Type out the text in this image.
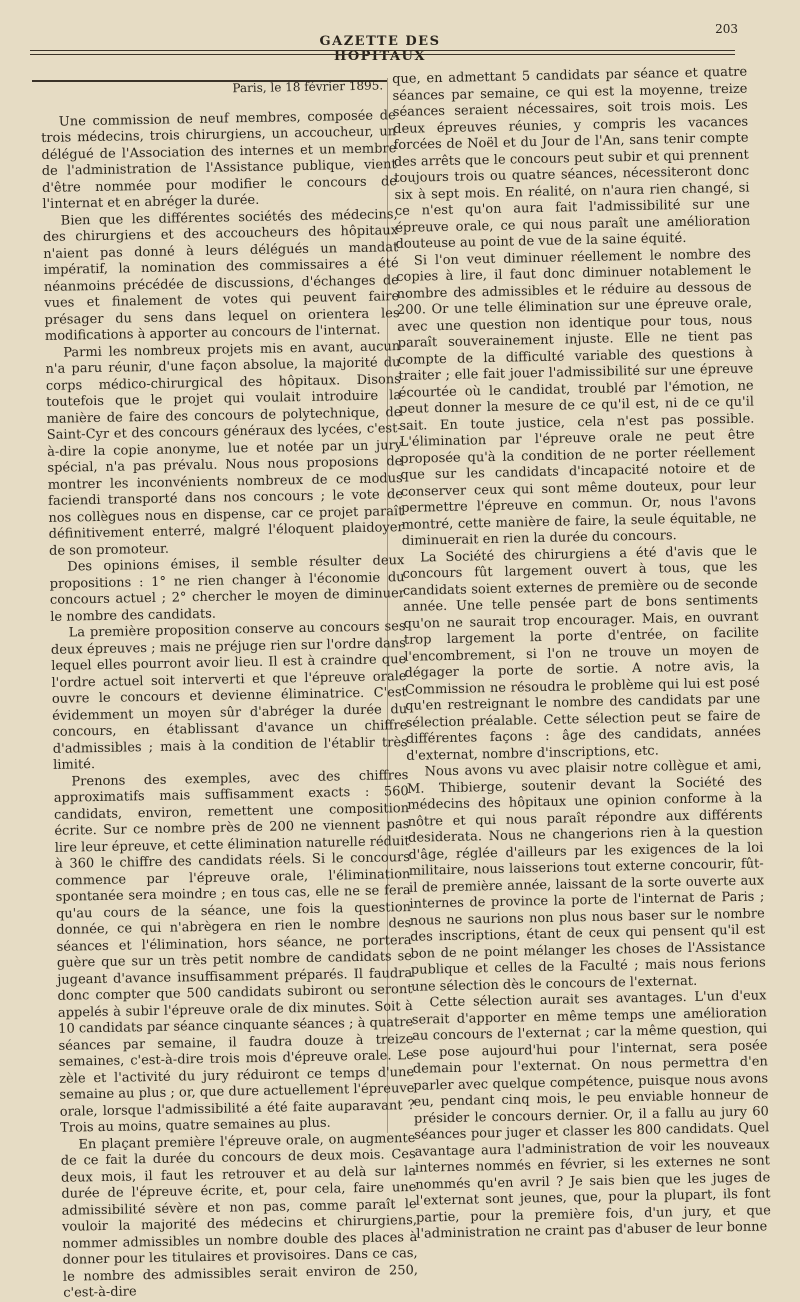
GAZETTE DES HOPITAUX
203
Paris, le 18 février 1895.

Une commission de neuf membres, composée de trois médecins, trois chirurgiens, un accoucheur, un délégué de l'Association des internes et un membre de l'administration de l'Assistance publique, vient d'être nommée pour modifier le concours de l'internat et en abréger la durée.

Bien que les différentes sociétés des médecins, des chirurgiens et des accoucheurs des hôpitaux n'aient pas donné à leurs délégués un mandat impératif, la nomination des commissaires a été néanmoins précédée de discussions, d'échanges de vues et finalement de votes qui peuvent faire présager du sens dans lequel on orientera les modifications à apporter au concours de l'internat.

Parmi les nombreux projets mis en avant, aucun n'a paru réunir, d'une façon absolue, la majorité du corps médico-chirurgical des hôpitaux. Disons toutefois que le projet qui voulait introduire la manière de faire des concours de polytechnique, de Saint-Cyr et des concours généraux des lycées, c'est-à-dire la copie anonyme, lue et notée par un jury spécial, n'a pas prévalu. Nous nous proposions de montrer les inconvénients nombreux de ce modus faciendi transporté dans nos concours ; le vote de nos collègues nous en dispense, car ce projet paraît définitivement enterré, malgré l'éloquent plaidoyer de son promoteur.

Des opinions émises, il semble résulter deux propositions : 1° ne rien changer à l'économie du concours actuel ; 2° chercher le moyen de diminuer le nombre des candidats.

La première proposition conserve au concours ses deux épreuves ; mais ne préjuge rien sur l'ordre dans lequel elles pourront avoir lieu. Il est à craindre que l'ordre actuel soit interverti et que l'épreuve orale ouvre le concours et devienne éliminatrice. C'est évidemment un moyen sûr d'abréger la durée du concours, en établissant d'avance un chiffre d'admissibles ; mais à la condition de l'établir très limité.

Prenons des exemples, avec des chiffres approximatifs mais suffisamment exacts : 560 candidats, environ, remettent une composition écrite. Sur ce nombre près de 200 ne viennent pas lire leur épreuve, et cette élimination naturelle réduit à 360 le chiffre des candidats réels. Si le concours commence par l'épreuve orale, l'élimination spontanée sera moindre ; en tous cas, elle ne se fera qu'au cours de la séance, une fois la question donnée, ce qui n'abrègera en rien le nombre des séances et l'élimination, hors séance, ne portera guère que sur un très petit nombre de candidats se jugeant d'avance insuffisamment préparés. Il faudra donc compter que 500 candidats subiront ou seront appelés à subir l'épreuve orale de dix minutes. Soit à 10 candidats par séance cinquante séances ; à quatre séances par semaine, il faudra douze à treize semaines, c'est-à-dire trois mois d'épreuve orale. Le zèle et l'activité du jury réduiront ce temps d'une semaine au plus ; or, que dure actuellement l'épreuve orale, lorsque l'admissibilité a été faite auparavant ? Trois au moins, quatre semaines au plus.

En plaçant première l'épreuve orale, on augmente de ce fait la durée du concours de deux mois. Ces deux mois, il faut les retrouver et au delà sur la durée de l'épreuve écrite, et, pour cela, faire une admissibilité sévère et non pas, comme paraît le vouloir la majorité des médecins et chirurgiens, nommer admissibles un nombre double des places à donner pour les titulaires et provisoires. Dans ce cas, le nombre des admissibles serait environ de 250, c'est-à-dire

que, en admettant 5 candidats par séance et quatre séances par semaine, ce qui est la moyenne, treize séances seraient nécessaires, soit trois mois. Les deux épreuves réunies, y compris les vacances forcées de Noël et du Jour de l'An, sans tenir compte des arrêts que le concours peut subir et qui prennent toujours trois ou quatre séances, nécessiteront donc six à sept mois. En réalité, on n'aura rien changé, si ce n'est qu'on aura fait l'admissibilité sur une épreuve orale, ce qui nous paraît une amélioration douteuse au point de vue de la saine équité.

Si l'on veut diminuer réellement le nombre des copies à lire, il faut donc diminuer notablement le nombre des admissibles et le réduire au dessous de 200. Or une telle élimination sur une épreuve orale, avec une question non identique pour tous, nous paraît souverainement injuste. Elle ne tient pas compte de la difficulté variable des questions à traiter ; elle fait jouer l'admissibilité sur une épreuve écourtée où le candidat, troublé par l'émotion, ne peut donner la mesure de ce qu'il est, ni de ce qu'il sait. En toute justice, cela n'est pas possible. L'élimination par l'épreuve orale ne peut être proposée qu'à la condition de ne porter réellement que sur les candidats d'incapacité notoire et de conserver ceux qui sont même douteux, pour leur permettre l'épreuve en commun. Or, nous l'avons montré, cette manière de faire, la seule équitable, ne diminuerait en rien la durée du concours.

La Société des chirurgiens a été d'avis que le concours fût largement ouvert à tous, que les candidats soient externes de première ou de seconde année. Une telle pensée part de bons sentiments qu'on ne saurait trop encourager. Mais, en ouvrant trop largement la porte d'entrée, on facilite l'encombrement, si l'on ne trouve un moyen de dégager la porte de sortie. A notre avis, la Commission ne résoudra le problème qui lui est posé qu'en restreignant le nombre des candidats par une sélection préalable. Cette sélection peut se faire de différentes façons : âge des candidats, années d'externat, nombre d'inscriptions, etc.

Nous avons vu avec plaisir notre collègue et ami, M. Thibierge, soutenir devant la Société des médecins des hôpitaux une opinion conforme à la nôtre et qui nous paraît répondre aux différents desiderata. Nous ne changerions rien à la question d'âge, réglée d'ailleurs par les exigences de la loi militaire, nous laisserions tout externe concourir, fût-il de première année, laissant de la sorte ouverte aux internes de province la porte de l'internat de Paris ; nous ne saurions non plus nous baser sur le nombre des inscriptions, étant de ceux qui pensent qu'il est bon de ne point mélanger les choses de l'Assistance publique et celles de la Faculté ; mais nous ferions une sélection dès le concours de l'externat.

Cette sélection aurait ses avantages. L'un d'eux serait d'apporter en même temps une amélioration au concours de l'externat ; car la même question, qui se pose aujourd'hui pour l'internat, sera posée demain pour l'externat. On nous permettra d'en parler avec quelque compétence, puisque nous avons eu, pendant cinq mois, le peu enviable honneur de présider le concours dernier. Or, il a fallu au jury 60 séances pour juger et classer les 800 candidats. Quel avantage aura l'administration de voir les nouveaux internes nommés en février, si les externes ne sont nommés qu'en avril ? Je sais bien que les juges de l'externat sont jeunes, que, pour la plupart, ils font partie, pour la première fois, d'un jury, et que l'administration ne craint pas d'abuser de leur bonne
